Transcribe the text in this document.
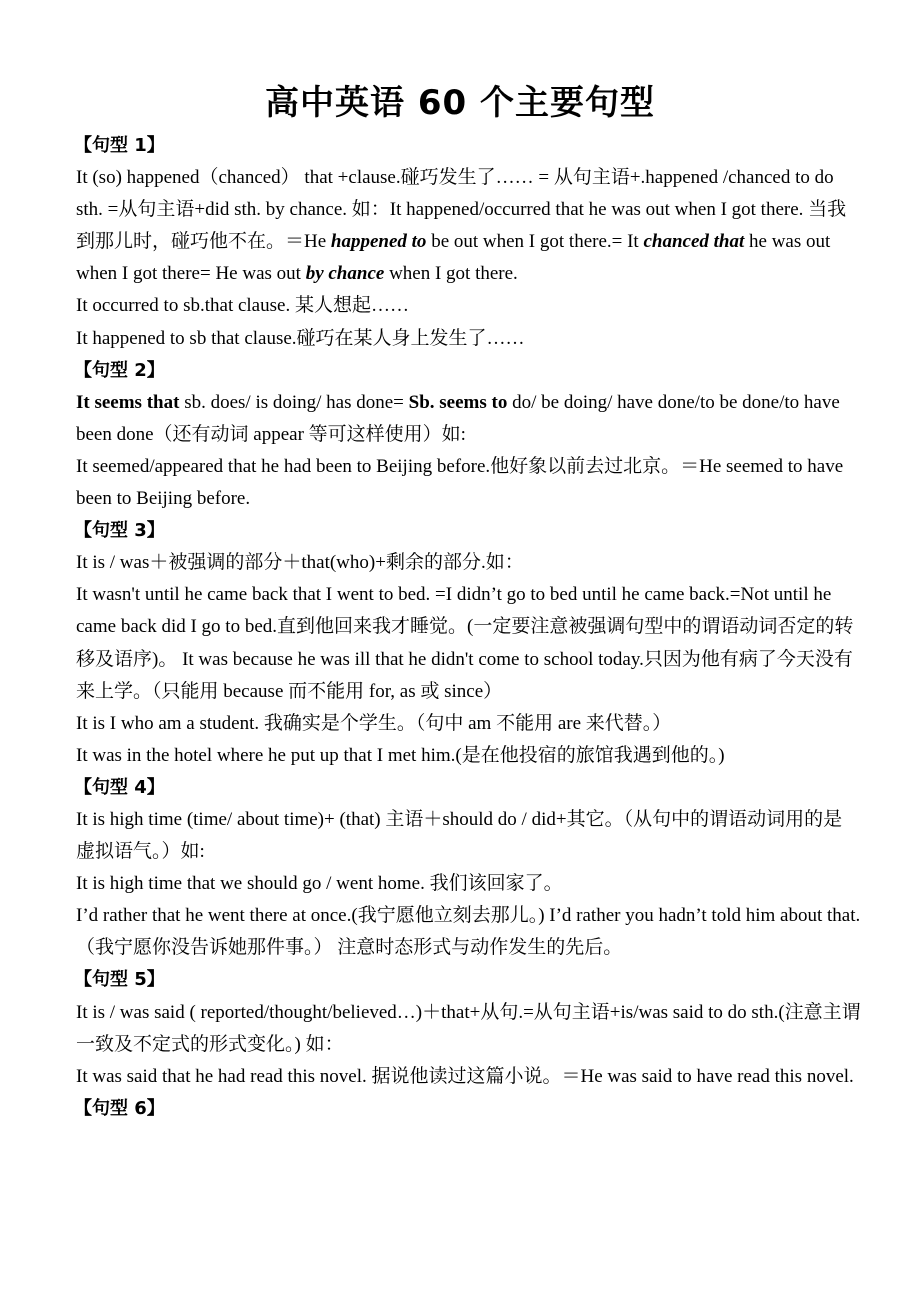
高中英语 60 个主要句型
【句型 1】

It (so) happened（chanced） that +clause.碰巧发生了…… = 从句主语+.happened /chanced to do sth. =从句主语+did sth. by chance. 如：It happened/occurred that he was out when I got there. 当我到那儿时，碰巧他不在。＝He happened to be out when I got there.= It chanced that he was out when I got there= He was out by chance when I got there.

It occurred to sb.that clause. 某人想起……

It happened to sb that clause.碰巧在某人身上发生了……

【句型 2】

It seems that sb. does/ is doing/ has done= Sb. seems to do/ be doing/ have done/to be done/to have been done（还有动词 appear 等可这样使用）如:

It seemed/appeared that he had been to Beijing before.他好象以前去过北京。＝He seemed to have been to Beijing before.

【句型 3】

It is / was＋被强调的部分＋that(who)+剩余的部分.如：

It wasn't until he came back that I went to bed. =I didn’t go to bed until he came back.=Not until he came back did I go to bed.直到他回来我才睡觉。(一定要注意被强调句型中的谓语动词否定的转移及语序)。 It was because he was ill that he didn't come to school today.只因为他有病了今天没有来上学。（只能用 because 而不能用 for, as 或 since）

It is I who am a student. 我确实是个学生。（句中 am 不能用 are 来代替。）

It was in the hotel where he put up that I met him.(是在他投宿的旅馆我遇到他的。)

【句型 4】

It is high time (time/ about time)+ (that) 主语＋should do / did+其它。（从句中的谓语动词用的是虚拟语气。）如:

It is high time that we should go / went home. 我们该回家了。

I’d rather that he went there at once.(我宁愿他立刻去那儿。) I’d rather you hadn’t told him about that.（我宁愿你没告诉她那件事。） 注意时态形式与动作发生的先后。

【句型 5】

It is / was said ( reported/thought/believed…)＋that+从句.=从句主语+is/was said to do sth.(注意主谓一致及不定式的形式变化。) 如：

It was said that he had read this novel. 据说他读过这篇小说。＝He was said to have read this novel.

【句型 6】
